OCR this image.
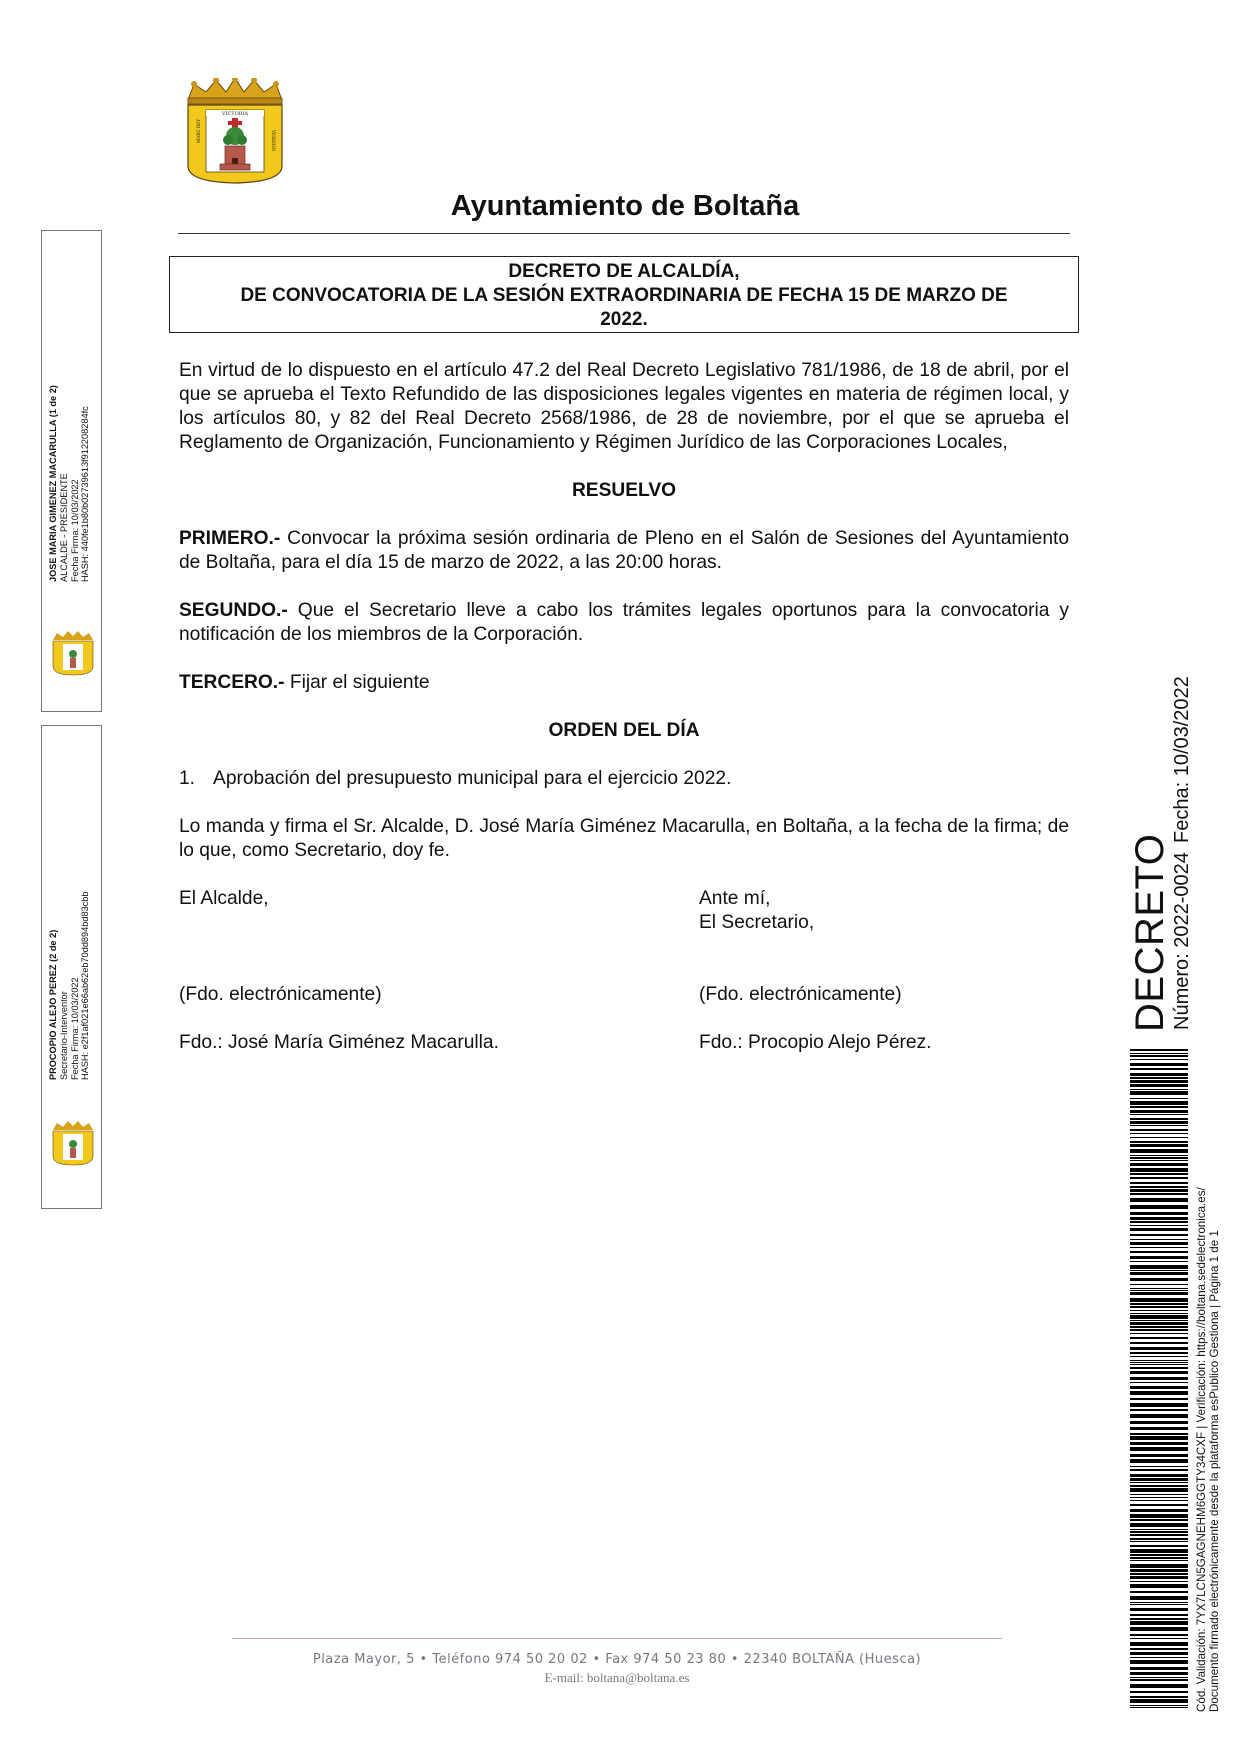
VICTORIA
MARC REY	VERSION
Ayuntamiento de Boltaña
DECRETO DE ALCALDÍA,
DE CONVOCATORIA DE LA SESIÓN EXTRAORDINARIA DE FECHA 15 DE MARZO DE
2022.

En virtud de lo dispuesto en el artículo 47.2 del Real Decreto Legislativo 781/1986, de 18 de abril, por el que se aprueba el Texto Refundido de las disposiciones legales vigentes en materia de régimen local, y los artículos 80, y 82 del Real Decreto 2568/1986, de 28 de noviembre, por el que se aprueba el Reglamento de Organización, Funcionamiento y Régimen Jurídico de las Corporaciones Locales,

RESUELVO

PRIMERO.- Convocar la próxima sesión ordinaria de Pleno en el Salón de Sesiones del Ayuntamiento de Boltaña, para el día 15 de marzo de 2022, a las 20:00 horas.

SEGUNDO.- Que el Secretario lleve a cabo los trámites legales oportunos para la convocatoria y notificación de los miembros de la Corporación.

TERCERO.- Fijar el siguiente

ORDEN DEL DÍA

1. Aprobación del presupuesto municipal para el ejercicio 2022.

Lo manda y firma el Sr. Alcalde, D. José María Giménez Macarulla, en Boltaña, a la fecha de la firma; de lo que, como Secretario, doy fe.

El Alcalde,	Ante mí,
El Secretario,
(Fdo. electrónicamente)	(Fdo. electrónicamente)
Fdo.: José María Giménez Macarulla.	Fdo.: Procopio Alejo Pérez.
JOSE MARIA GIMENEZ MACARULLA (1 de 2) ALCALDE - PRESIDENTE Fecha Firma: 10/03/2022 HASH: 440fe1b80b02739613f912208284fc
PROCOPIO ALEJO PEREZ (2 de 2) Secretario-Interventor Fecha Firma: 10/03/2022 HASH: e2f1af021e66ab62eb70dd894bd83cbb	DECRETO Número: 2022-0024
Fecha: 10/03/2022
Cód. Validación: 7YX7LCN5GAGNEHM6GGTY34CXF | Verificación: https://boltana.sedelectronica.es/ Documento firmado electrónicamente desde la plataforma esPublico Gestiona | Página 1 de 1
Plaza Mayor, 5 • Teléfono 974 50 20 02 • Fax 974 50 23 80 • 22340 BOLTAÑA (Huesca)
E-mail: boltana@boltana.es
